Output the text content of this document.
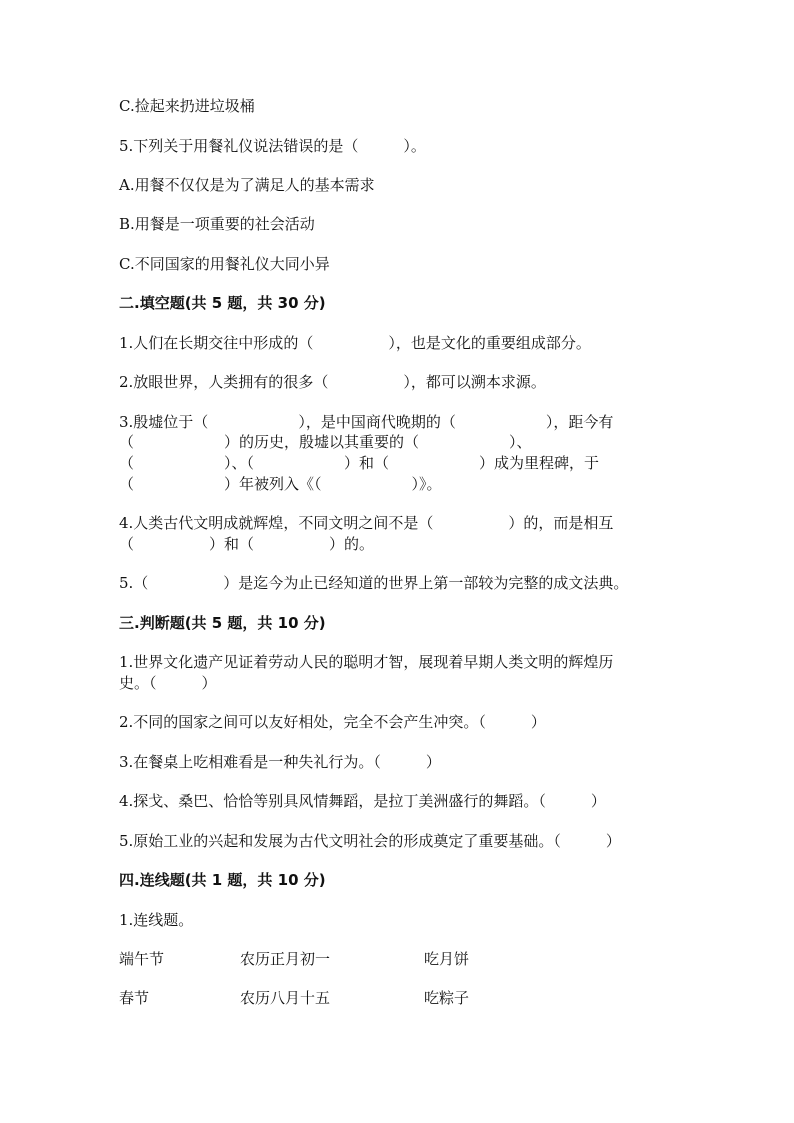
C.捡起来扔进垃圾桶
5.下列关于用餐礼仪说法错误的是（　　　）。
A.用餐不仅仅是为了满足人的基本需求
B.用餐是一项重要的社会活动
C.不同国家的用餐礼仪大同小异
二.填空题(共 5 题，共 30 分)
1.人们在长期交往中形成的（　　　　　），也是文化的重要组成部分。
2.放眼世界，人类拥有的很多（　　　　　），都可以溯本求源。
3.殷墟位于（　　　　　　），是中国商代晚期的（　　　　　　），距今有
（　　　　　　）的历史，殷墟以其重要的（　　　　　　）、
（　　　　　　）、（　　　　　　）和（　　　　　　）成为里程碑，于
（　　　　　　）年被列入《（　　　　　　）》。
4.人类古代文明成就辉煌，不同文明之间不是（　　　　　）的，而是相互
（　　　　　）和（　　　　　）的。
5.（　　　　　）是迄今为止已经知道的世界上第一部较为完整的成文法典。
三.判断题(共 5 题，共 10 分)
1.世界文化遗产见证着劳动人民的聪明才智，展现着早期人类文明的辉煌历
史。（　　　）
2.不同的国家之间可以友好相处，完全不会产生冲突。（　　　）
3.在餐桌上吃相难看是一种失礼行为。（　　　）
4.探戈、桑巴、恰恰等别具风情舞蹈，是拉丁美洲盛行的舞蹈。（　　　）
5.原始工业的兴起和发展为古代文明社会的形成奠定了重要基础。（　　　）
四.连线题(共 1 题，共 10 分)
1.连线题。
端午节	农历正月初一	吃月饼
春节	农历八月十五	吃粽子
